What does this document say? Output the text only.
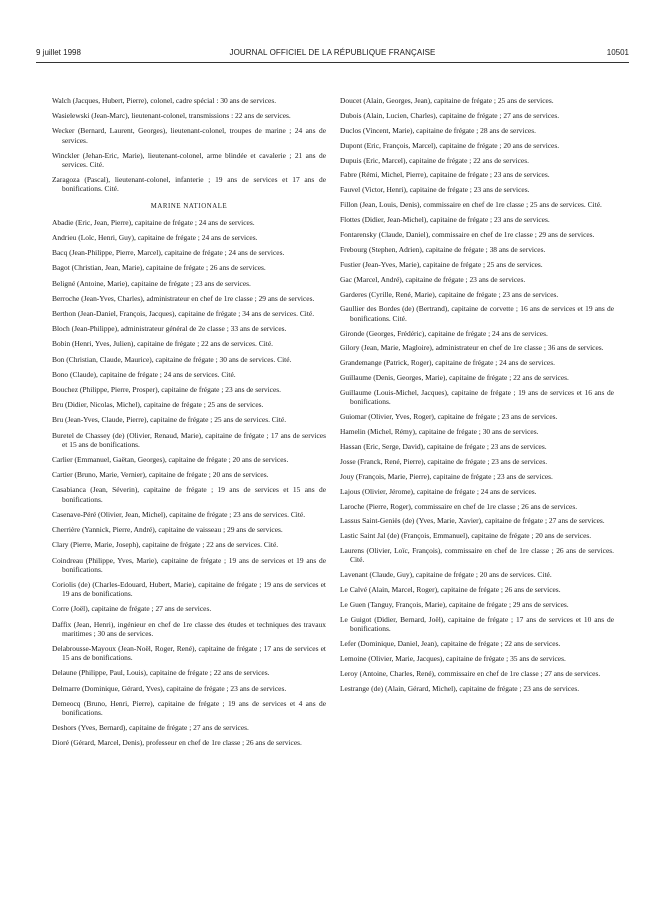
9 juillet 1998	JOURNAL OFFICIEL DE LA RÉPUBLIQUE FRANÇAISE	10501

Walch (Jacques, Hubert, Pierre), colonel, cadre spécial : 30 ans de services.

Wasielewski (Jean-Marc), lieutenant-colonel, transmissions : 22 ans de services.

Wecker (Bernard, Laurent, Georges), lieutenant-colonel, troupes de marine ; 24 ans de services.

Winckler (Jehan-Eric, Marie), lieutenant-colonel, arme blindée et cavalerie ; 21 ans de services. Cité.

Zaragoza (Pascal), lieutenant-colonel, infanterie ; 19 ans de services et 17 ans de bonifications. Cité.

MARINE NATIONALE

Abadie (Eric, Jean, Pierre), capitaine de frégate ; 24 ans de services.

Andrieu (Loïc, Henri, Guy), capitaine de frégate ; 24 ans de services.

Bacq (Jean-Philippe, Pierre, Marcel), capitaine de frégate ; 24 ans de services.

Bagot (Christian, Jean, Marie), capitaine de frégate ; 26 ans de services.

Beligné (Antoine, Marie), capitaine de frégate ; 23 ans de services.

Berroche (Jean-Yves, Charles), administrateur en chef de 1re classe ; 29 ans de services.

Berthon (Jean-Daniel, François, Jacques), capitaine de frégate ; 34 ans de services. Cité.

Bloch (Jean-Philippe), administrateur général de 2e classe ; 33 ans de services.

Bobin (Henri, Yves, Julien), capitaine de frégate ; 22 ans de services. Cité.

Bon (Christian, Claude, Maurice), capitaine de frégate ; 30 ans de services. Cité.

Bono (Claude), capitaine de frégate ; 24 ans de services. Cité.

Bouchez (Philippe, Pierre, Prosper), capitaine de frégate ; 23 ans de services.

Bru (Didier, Nicolas, Michel), capitaine de frégate ; 25 ans de services.

Bru (Jean-Yves, Claude, Pierre), capitaine de frégate ; 25 ans de services. Cité.

Buretel de Chassey (de) (Olivier, Renaud, Marie), capitaine de frégate ; 17 ans de services et 15 ans de bonifications.

Carlier (Emmanuel, Gaëtan, Georges), capitaine de frégate ; 20 ans de services.

Cartier (Bruno, Marie, Vernier), capitaine de frégate ; 20 ans de services.

Casabianca (Jean, Séverin), capitaine de frégate ; 19 ans de services et 15 ans de bonifications.

Casenave-Péré (Olivier, Jean, Michel), capitaine de frégate ; 23 ans de services. Cité.

Cherrière (Yannick, Pierre, André), capitaine de vaisseau ; 29 ans de services.

Clary (Pierre, Marie, Joseph), capitaine de frégate ; 22 ans de services. Cité.

Coindreau (Philippe, Yves, Marie), capitaine de frégate ; 19 ans de services et 19 ans de bonifications.

Coriolis (de) (Charles-Edouard, Hubert, Marie), capitaine de frégate ; 19 ans de services et 19 ans de bonifications.

Corre (Joël), capitaine de frégate ; 27 ans de services.

Daffix (Jean, Henri), ingénieur en chef de 1re classe des études et techniques des travaux maritimes ; 30 ans de services.

Delabrousse-Mayoux (Jean-Noël, Roger, René), capitaine de frégate ; 17 ans de services et 15 ans de bonifications.

Delaune (Philippe, Paul, Louis), capitaine de frégate ; 22 ans de services.

Delmarre (Dominique, Gérard, Yves), capitaine de frégate ; 23 ans de services.

Demeocq (Bruno, Henri, Pierre), capitaine de frégate ; 19 ans de services et 4 ans de bonifications.

Deshors (Yves, Bernard), capitaine de frégate ; 27 ans de services.

Dioré (Gérard, Marcel, Denis), professeur en chef de 1re classe ; 26 ans de services.

Doucet (Alain, Georges, Jean), capitaine de frégate ; 25 ans de services.

Dubois (Alain, Lucien, Charles), capitaine de frégate ; 27 ans de services.

Duclos (Vincent, Marie), capitaine de frégate ; 28 ans de services.

Dupont (Eric, François, Marcel), capitaine de frégate ; 20 ans de services.

Dupuis (Eric, Marcel), capitaine de frégate ; 22 ans de services.

Fabre (Rémi, Michel, Pierre), capitaine de frégate ; 23 ans de services.

Fauvel (Victor, Henri), capitaine de frégate ; 23 ans de services.

Fillon (Jean, Louis, Denis), commissaire en chef de 1re classe ; 25 ans de services. Cité.

Flottes (Didier, Jean-Michel), capitaine de frégate ; 23 ans de services.

Fontarensky (Claude, Daniel), commissaire en chef de 1re classe ; 29 ans de services.

Frebourg (Stephen, Adrien), capitaine de frégate ; 38 ans de services.

Fustier (Jean-Yves, Marie), capitaine de frégate ; 25 ans de services.

Gac (Marcel, André), capitaine de frégate ; 23 ans de services.

Garderes (Cyrille, René, Marie), capitaine de frégate ; 23 ans de services.

Gaullier des Bordes (de) (Bertrand), capitaine de corvette ; 16 ans de services et 19 ans de bonifications. Cité.

Gironde (Georges, Frédéric), capitaine de frégate ; 24 ans de services.

Gilory (Jean, Marie, Magloire), administrateur en chef de 1re classe ; 36 ans de services.

Grandemange (Patrick, Roger), capitaine de frégate ; 24 ans de services.

Guillaume (Denis, Georges, Marie), capitaine de frégate ; 22 ans de services.

Guillaume (Louis-Michel, Jacques), capitaine de frégate ; 19 ans de services et 16 ans de bonifications.

Guiomar (Olivier, Yves, Roger), capitaine de frégate ; 23 ans de services.

Hamelin (Michel, Rémy), capitaine de frégate ; 30 ans de services.

Hassan (Eric, Serge, David), capitaine de frégate ; 23 ans de services.

Josse (Franck, René, Pierre), capitaine de frégate ; 23 ans de services.

Jouy (François, Marie, Pierre), capitaine de frégate ; 23 ans de services.

Lajous (Olivier, Jérome), capitaine de frégate ; 24 ans de services.

Laroche (Pierre, Roger), commissaire en chef de 1re classe ; 26 ans de services.

Lassus Saint-Geniès (de) (Yves, Marie, Xavier), capitaine de frégate ; 27 ans de services.

Lastic Saint Jal (de) (François, Emmanuel), capitaine de frégate ; 20 ans de services.

Laurens (Olivier, Loïc, François), commissaire en chef de 1re classe ; 26 ans de services. Cité.

Lavenant (Claude, Guy), capitaine de frégate ; 20 ans de services. Cité.

Le Calvé (Alain, Marcel, Roger), capitaine de frégate ; 26 ans de services.

Le Guen (Tanguy, François, Marie), capitaine de frégate ; 29 ans de services.

Le Guigot (Didier, Bernard, Joël), capitaine de frégate ; 17 ans de services et 10 ans de bonifications.

Lefer (Dominique, Daniel, Jean), capitaine de frégate ; 22 ans de services.

Lemoine (Olivier, Marie, Jacques), capitaine de frégate ; 35 ans de services.

Leroy (Antoine, Charles, René), commissaire en chef de 1re classe ; 27 ans de services.

Lestrange (de) (Alain, Gérard, Michel), capitaine de frégate ; 23 ans de services.
